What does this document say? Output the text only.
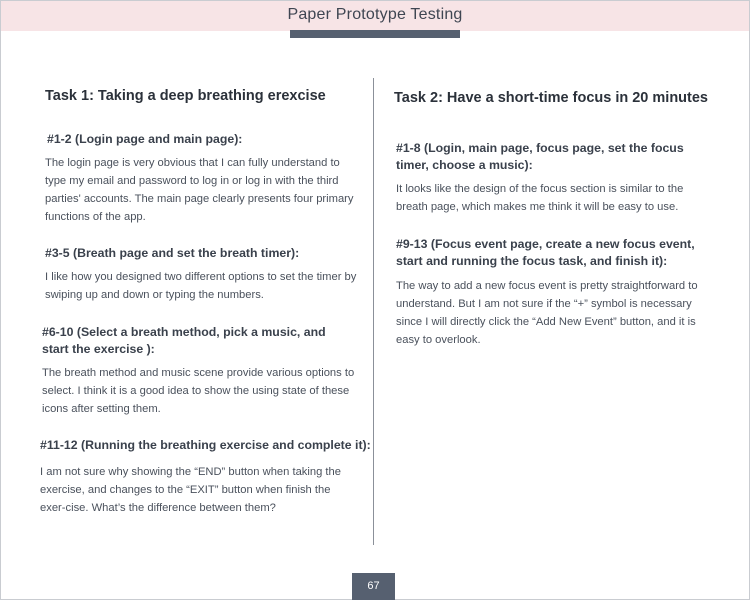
Paper Prototype Testing
Task 1: Taking a deep breathing erexcise
#1-2 (Login page and main page):
The login page is very obvious that I can fully understand to type my email and password to log in or log in with the third parties' accounts. The main page clearly presents four primary functions of the app.
#3-5 (Breath page and set the breath timer):
I like how you designed two different options to set the timer by swiping up and down or typing the numbers.
#6-10 (Select a breath method, pick a music, and start the exercise ):
The breath method and music scene provide various options to select. I think it is a good idea to show the using state of these icons after setting them.
#11-12 (Running the breathing exercise and complete it):
I am not sure why showing the “END” button when taking the exercise, and changes to the “EXIT” button when finish the exer-cise. What’s the difference between them?
Task 2: Have a short-time focus in 20 minutes
#1-8 (Login, main page, focus page, set the focus timer, choose a music):
It looks like the design of the focus section is similar to the breath page, which makes me think it will be easy to use.
#9-13 (Focus event page, create a new focus event, start and running the focus task, and finish it):
The way to add a new focus event is pretty straightforward to understand. But I am not sure if the “+” symbol is necessary since I will directly click the “Add New Event” button, and it is easy to overlook.
67
